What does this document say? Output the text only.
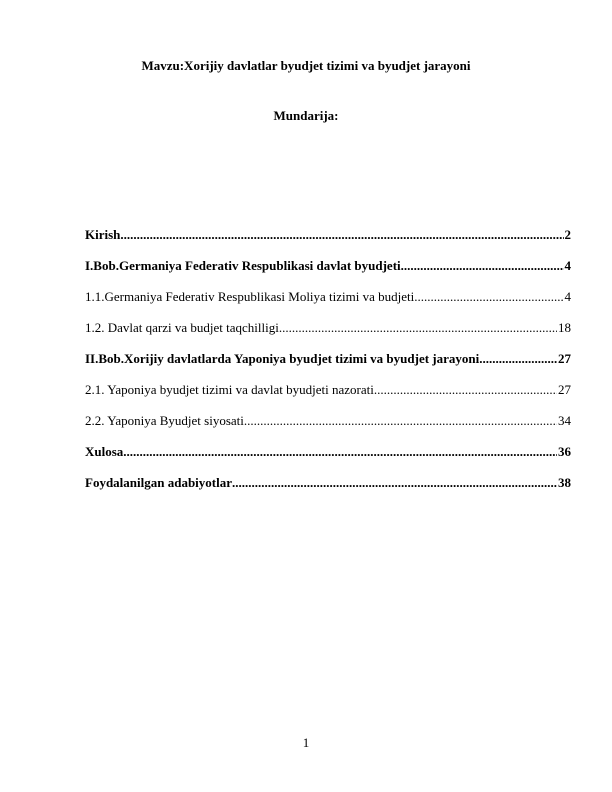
Mavzu:Xorijiy davlatlar byudjet tizimi va byudjet jarayoni
Mundarija:
Kirish .....	2
I.Bob.Germaniya Federativ Respublikasi davlat byudjeti .....	4
1.1.Germaniya Federativ Respublikasi Moliya tizimi va budjeti .....	4
1.2. Davlat qarzi va budjet taqchilligi .....	18
II.Bob.Xorijiy davlatlarda Yaponiya byudjet tizimi va byudjet jarayoni .....	27
2.1. Yaponiya byudjet tizimi va davlat byudjeti nazorati .....	27
2.2. Yaponiya Byudjet siyosati .....	34
Xulosa .....	36
Foydalanilgan adabiyotlar .....	38
1
